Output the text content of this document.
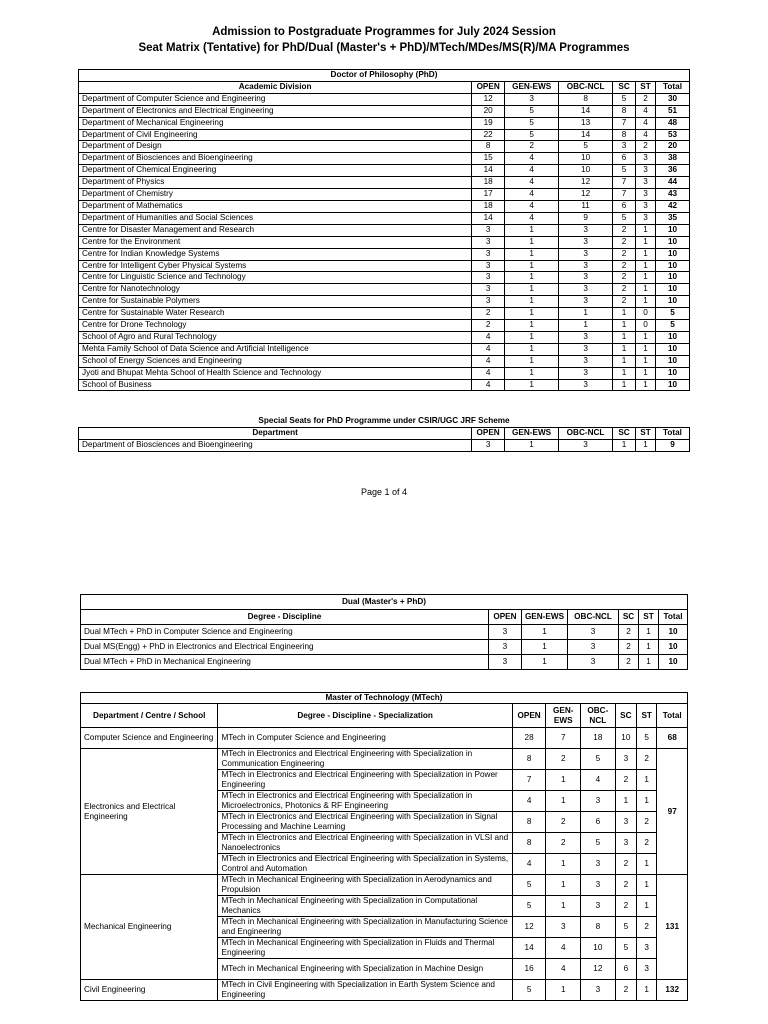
Admission to Postgraduate Programmes for July 2024 Session
Seat Matrix (Tentative) for PhD/Dual (Master's + PhD)/MTech/MDes/MS(R)/MA Programmes
Doctor of Philosophy (PhD)						
Academic Division	OPEN	GEN-EWS	OBC-NCL	SC	ST	Total
Department of Computer Science and Engineering	12	3	8	5	2	30
Department of Electronics and Electrical Engineering	20	5	14	8	4	51
Department of Mechanical Engineering	19	5	13	7	4	48
Department of Civil Engineering	22	5	14	8	4	53
Department of Design	8	2	5	3	2	20
Department of Biosciences and Bioengineering	15	4	10	6	3	38
Department of Chemical Engineering	14	4	10	5	3	36
Department of Physics	18	4	12	7	3	44
Department of Chemistry	17	4	12	7	3	43
Department of Mathematics	18	4	11	6	3	42
Department of Humanities and Social Sciences	14	4	9	5	3	35
Centre for Disaster Management and Research	3	1	3	2	1	10
Centre for the Environment	3	1	3	2	1	10
Centre for Indian Knowledge Systems	3	1	3	2	1	10
Centre for Intelligent Cyber Physical Systems	3	1	3	2	1	10
Centre for Linguistic Science and Technology	3	1	3	2	1	10
Centre for Nanotechnology	3	1	3	2	1	10
Centre for Sustainable Polymers	3	1	3	2	1	10
Centre for Sustainable Water Research	2	1	1	1	0	5
Centre for Drone Technology	2	1	1	1	0	5
School of Agro and Rural Technology	4	1	3	1	1	10
Mehta Family School of Data Science and Artificial Intelligence	4	1	3	1	1	10
School of Energy Sciences and Engineering	4	1	3	1	1	10
Jyoti and Bhupat Mehta School of Health Science and Technology	4	1	3	1	1	10
School of Business	4	1	3	1	1	10
Special Seats for PhD Programme under CSIR/UGC JRF Scheme
Department	OPEN	GEN-EWS	OBC-NCL	SC	ST	Total
Department of Biosciences and Bioengineering	3	1	3	1	1	9
Page 1 of 4
Dual (Master's + PhD)						
Degree - Discipline	OPEN	GEN-EWS	OBC-NCL	SC	ST	Total
Dual MTech + PhD in Computer Science and Engineering	3	1	3	2	1	10
Dual MS(Engg) + PhD in Electronics and Electrical Engineering	3	1	3	2	1	10
Dual MTech + PhD in Mechanical Engineering	3	1	3	2	1	10
Master of Technology (MTech)							
Department / Centre / School	Degree - Discipline - Specialization	OPEN	GEN-EWS	OBC-NCL	SC	ST	Total
Computer Science and Engineering	MTech in Computer Science and Engineering	28	7	18	10	5	68
Electronics and Electrical Engineering	MTech in Electronics and Electrical Engineering with Specialization in Communication Engineering	8	2	5	3	2	97
	MTech in Electronics and Electrical Engineering with Specialization in Power Engineering	7	1	4	2	1	
	MTech in Electronics and Electrical Engineering with Specialization in Microelectronics, Photonics & RF Engineering	4	1	3	1	1	
	MTech in Electronics and Electrical Engineering with Specialization in Signal Processing and Machine Learning	8	2	6	3	2	
	MTech in Electronics and Electrical Engineering with Specialization in VLSI and Nanoelectronics	8	2	5	3	2	
	MTech in Electronics and Electrical Engineering with Specialization in Systems, Control and Automation	4	1	3	2	1	
Mechanical Engineering	MTech in Mechanical Engineering with Specialization in Aerodynamics and Propulsion	5	1	3	2	1	131
	MTech in Mechanical Engineering with Specialization in Computational Mechanics	5	1	3	2	1	
	MTech in Mechanical Engineering with Specialization in Manufacturing Science and Engineering	12	3	8	5	2	
	MTech in Mechanical Engineering with Specialization in Fluids and Thermal Engineering	14	4	10	5	3	
	MTech in Mechanical Engineering with Specialization in Machine Design	16	4	12	6	3	
Civil Engineering	MTech in Civil Engineering with Specialization in Earth System Science and Engineering	5	1	3	2	1	132
